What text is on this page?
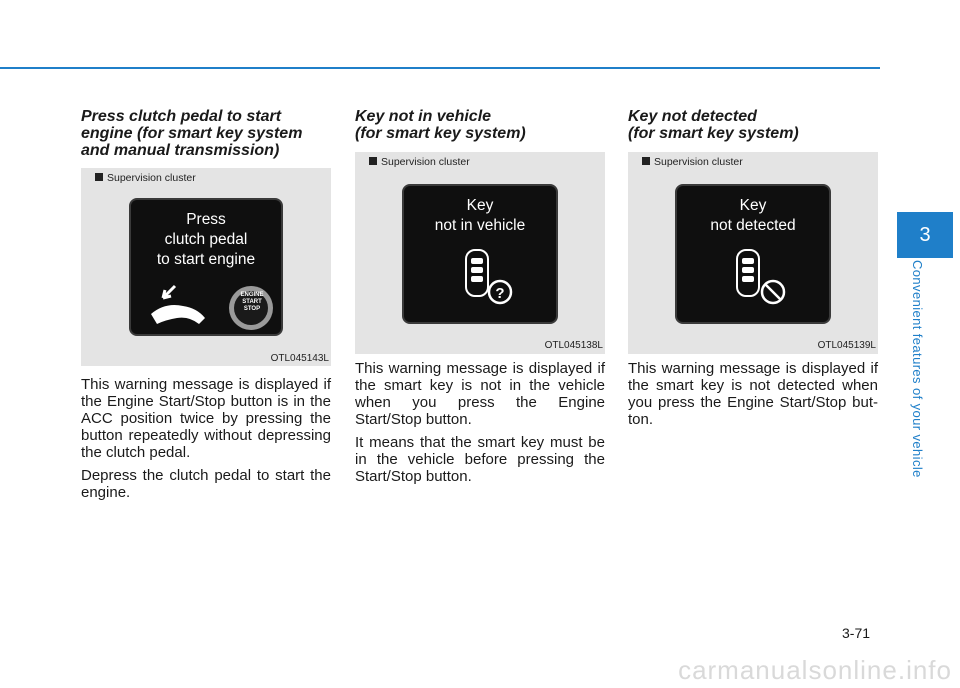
Press clutch pedal to start
engine (for smart key system
and manual transmission)

Supervision cluster
Press
clutch pedal
to start engine
ENGINE
START
STOP
OTL045143L

This warning message is displayed if the Engine Start/Stop button is in the ACC position twice by pressing the button repeatedly without depressing the clutch pedal.

Depress the clutch pedal to start the engine.

Key not in vehicle
(for smart key system)

Supervision cluster
Key
not in vehicle
?
OTL045138L

This warning message is displayed if the smart key is not in the vehicle when you press the Engine Start/Stop button.

It means that the smart key must be in the vehicle before pressing the Start/Stop button.

Key not detected
(for smart key system)

Supervision cluster
Key
not detected
OTL045139L

This warning message is displayed if the smart key is not detected when you press the Engine Start/Stop but-ton.

3
Convenient features of your vehicle
3-71
carmanualsonline.info
